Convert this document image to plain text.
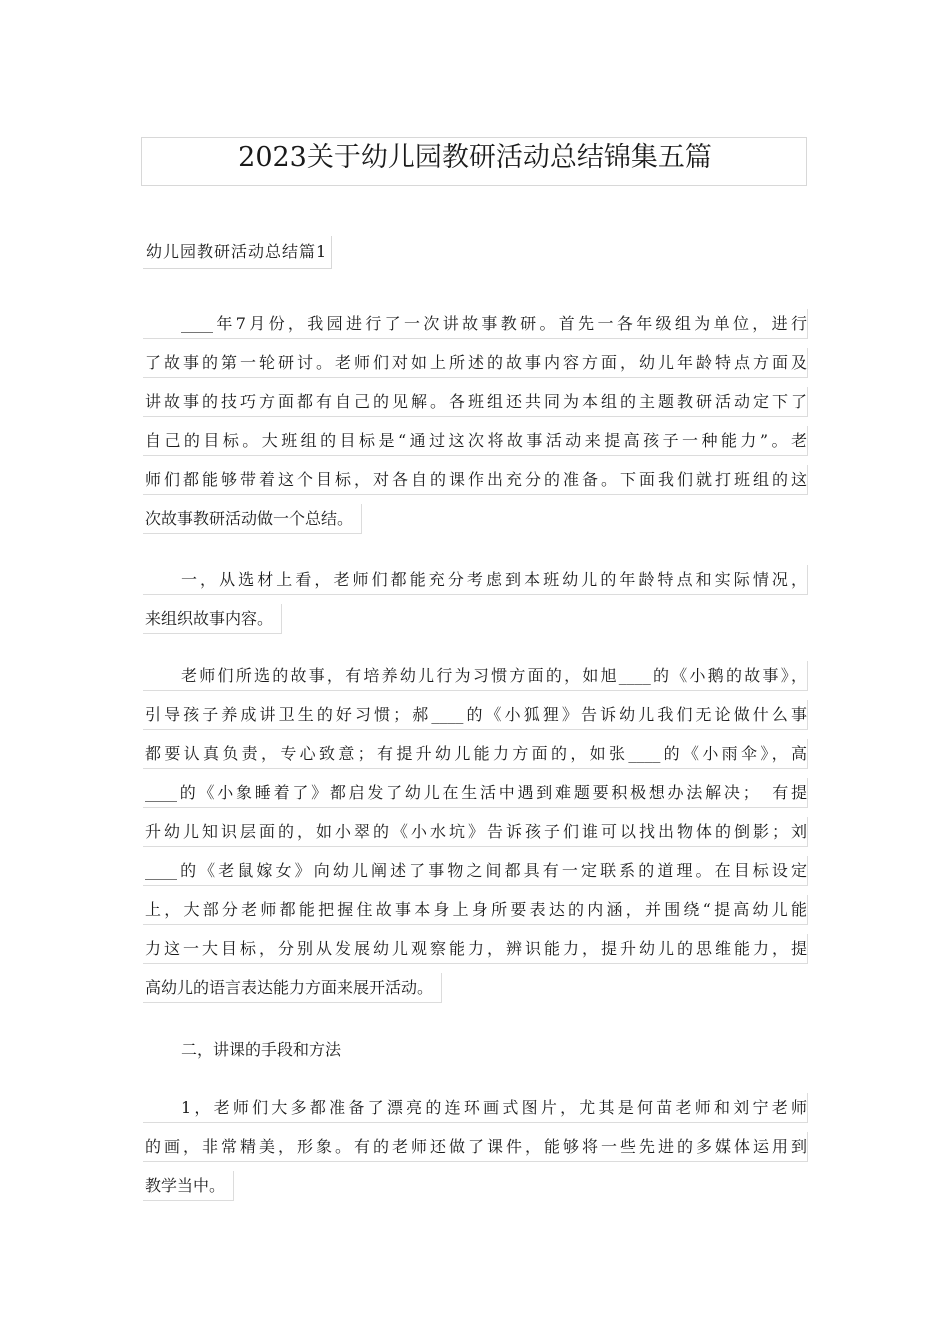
2023关于幼儿园教研活动总结锦集五篇
幼儿园教研活动总结篇1
____年7月份，我园进行了一次讲故事教研。首先一各年级组为单位，进行
了故事的第一轮研讨。老师们对如上所述的故事内容方面，幼儿年龄特点方面及
讲故事的技巧方面都有自己的见解。各班组还共同为本组的主题教研活动定下了
自己的目标。大班组的目标是“通过这次将故事活动来提高孩子一种能力”。老
师们都能够带着这个目标，对各自的课作出充分的准备。下面我们就打班组的这
次故事教研活动做一个总结。
一，从选材上看，老师们都能充分考虑到本班幼儿的年龄特点和实际情况，
来组织故事内容。
老师们所选的故事，有培养幼儿行为习惯方面的，如旭____的《小鹅的故事》，
引导孩子养成讲卫生的好习惯；郝____的《小狐狸》告诉幼儿我们无论做什么事
都要认真负责，专心致意；有提升幼儿能力方面的，如张____的《小雨伞》，高
____的《小象睡着了》都启发了幼儿在生活中遇到难题要积极想办法解决；　有提
升幼儿知识层面的，如小翠的《小水坑》告诉孩子们谁可以找出物体的倒影；刘
____的《老鼠嫁女》向幼儿阐述了事物之间都具有一定联系的道理。在目标设定
上，大部分老师都能把握住故事本身上身所要表达的内涵，并围绕“提高幼儿能
力这一大目标，分别从发展幼儿观察能力，辨识能力，提升幼儿的思维能力，提
高幼儿的语言表达能力方面来展开活动。
二，讲课的手段和方法
1，老师们大多都准备了漂亮的连环画式图片，尤其是何苗老师和刘宁老师
的画，非常精美，形象。有的老师还做了课件，能够将一些先进的多媒体运用到
教学当中。
